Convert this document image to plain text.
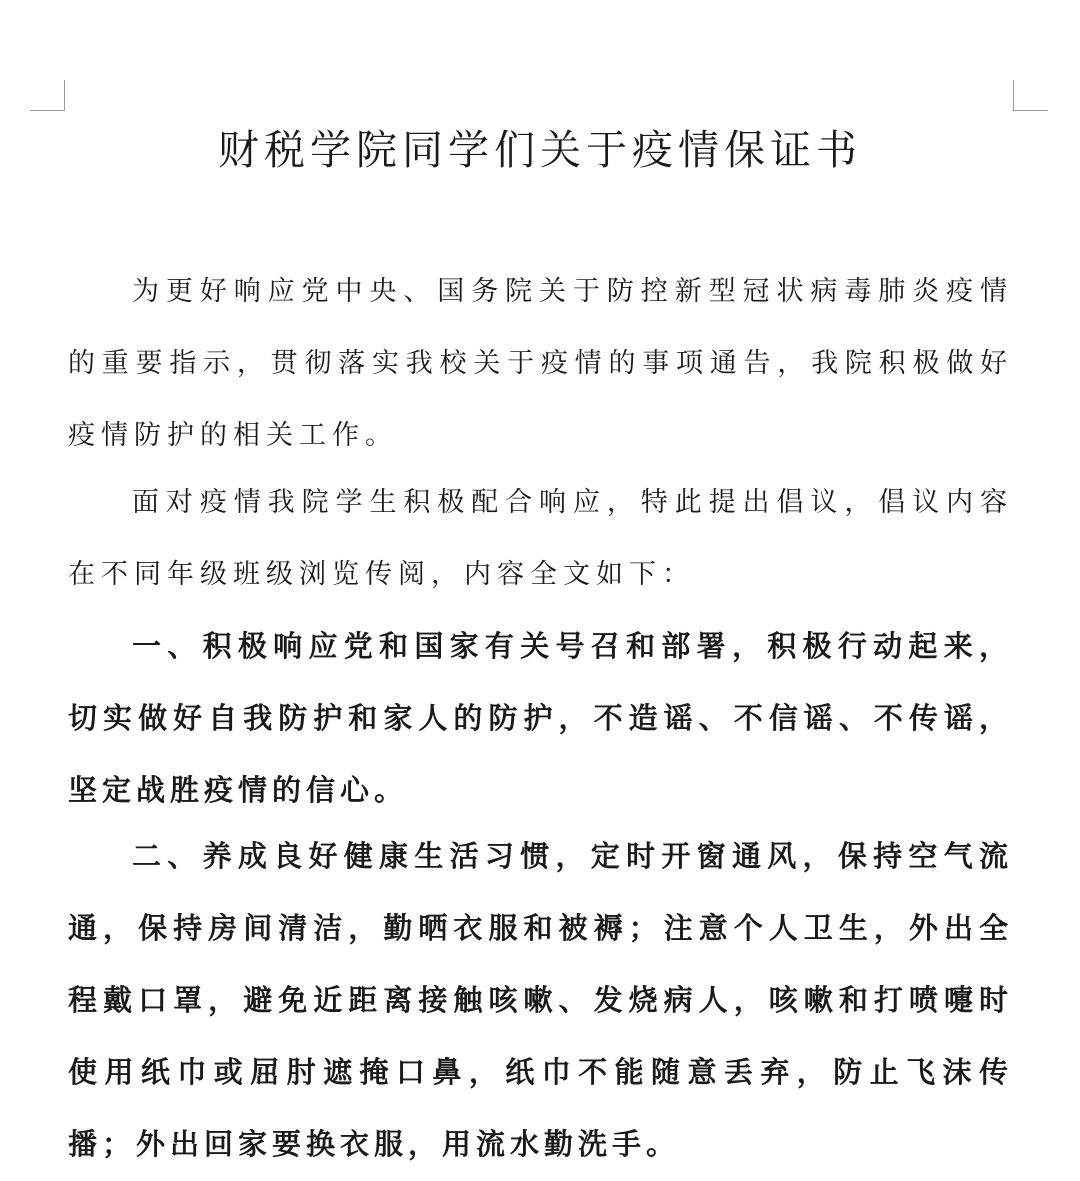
财税学院同学们关于疫情保证书

为更好响应党中央、国务院关于防控新型冠状病毒肺炎疫情的重要指示，贯彻落实我校关于疫情的事项通告，我院积极做好疫情防护的相关工作。

面对疫情我院学生积极配合响应，特此提出倡议，倡议内容在不同年级班级浏览传阅，内容全文如下：

一、积极响应党和国家有关号召和部署，积极行动起来，切实做好自我防护和家人的防护，不造谣、不信谣、不传谣，坚定战胜疫情的信心。

二、养成良好健康生活习惯，定时开窗通风，保持空气流通，保持房间清洁，勤晒衣服和被褥；注意个人卫生，外出全程戴口罩，避免近距离接触咳嗽、发烧病人，咳嗽和打喷嚏时使用纸巾或屈肘遮掩口鼻，纸巾不能随意丢弃，防止飞沫传播；外出回家要换衣服，用流水勤洗手。
